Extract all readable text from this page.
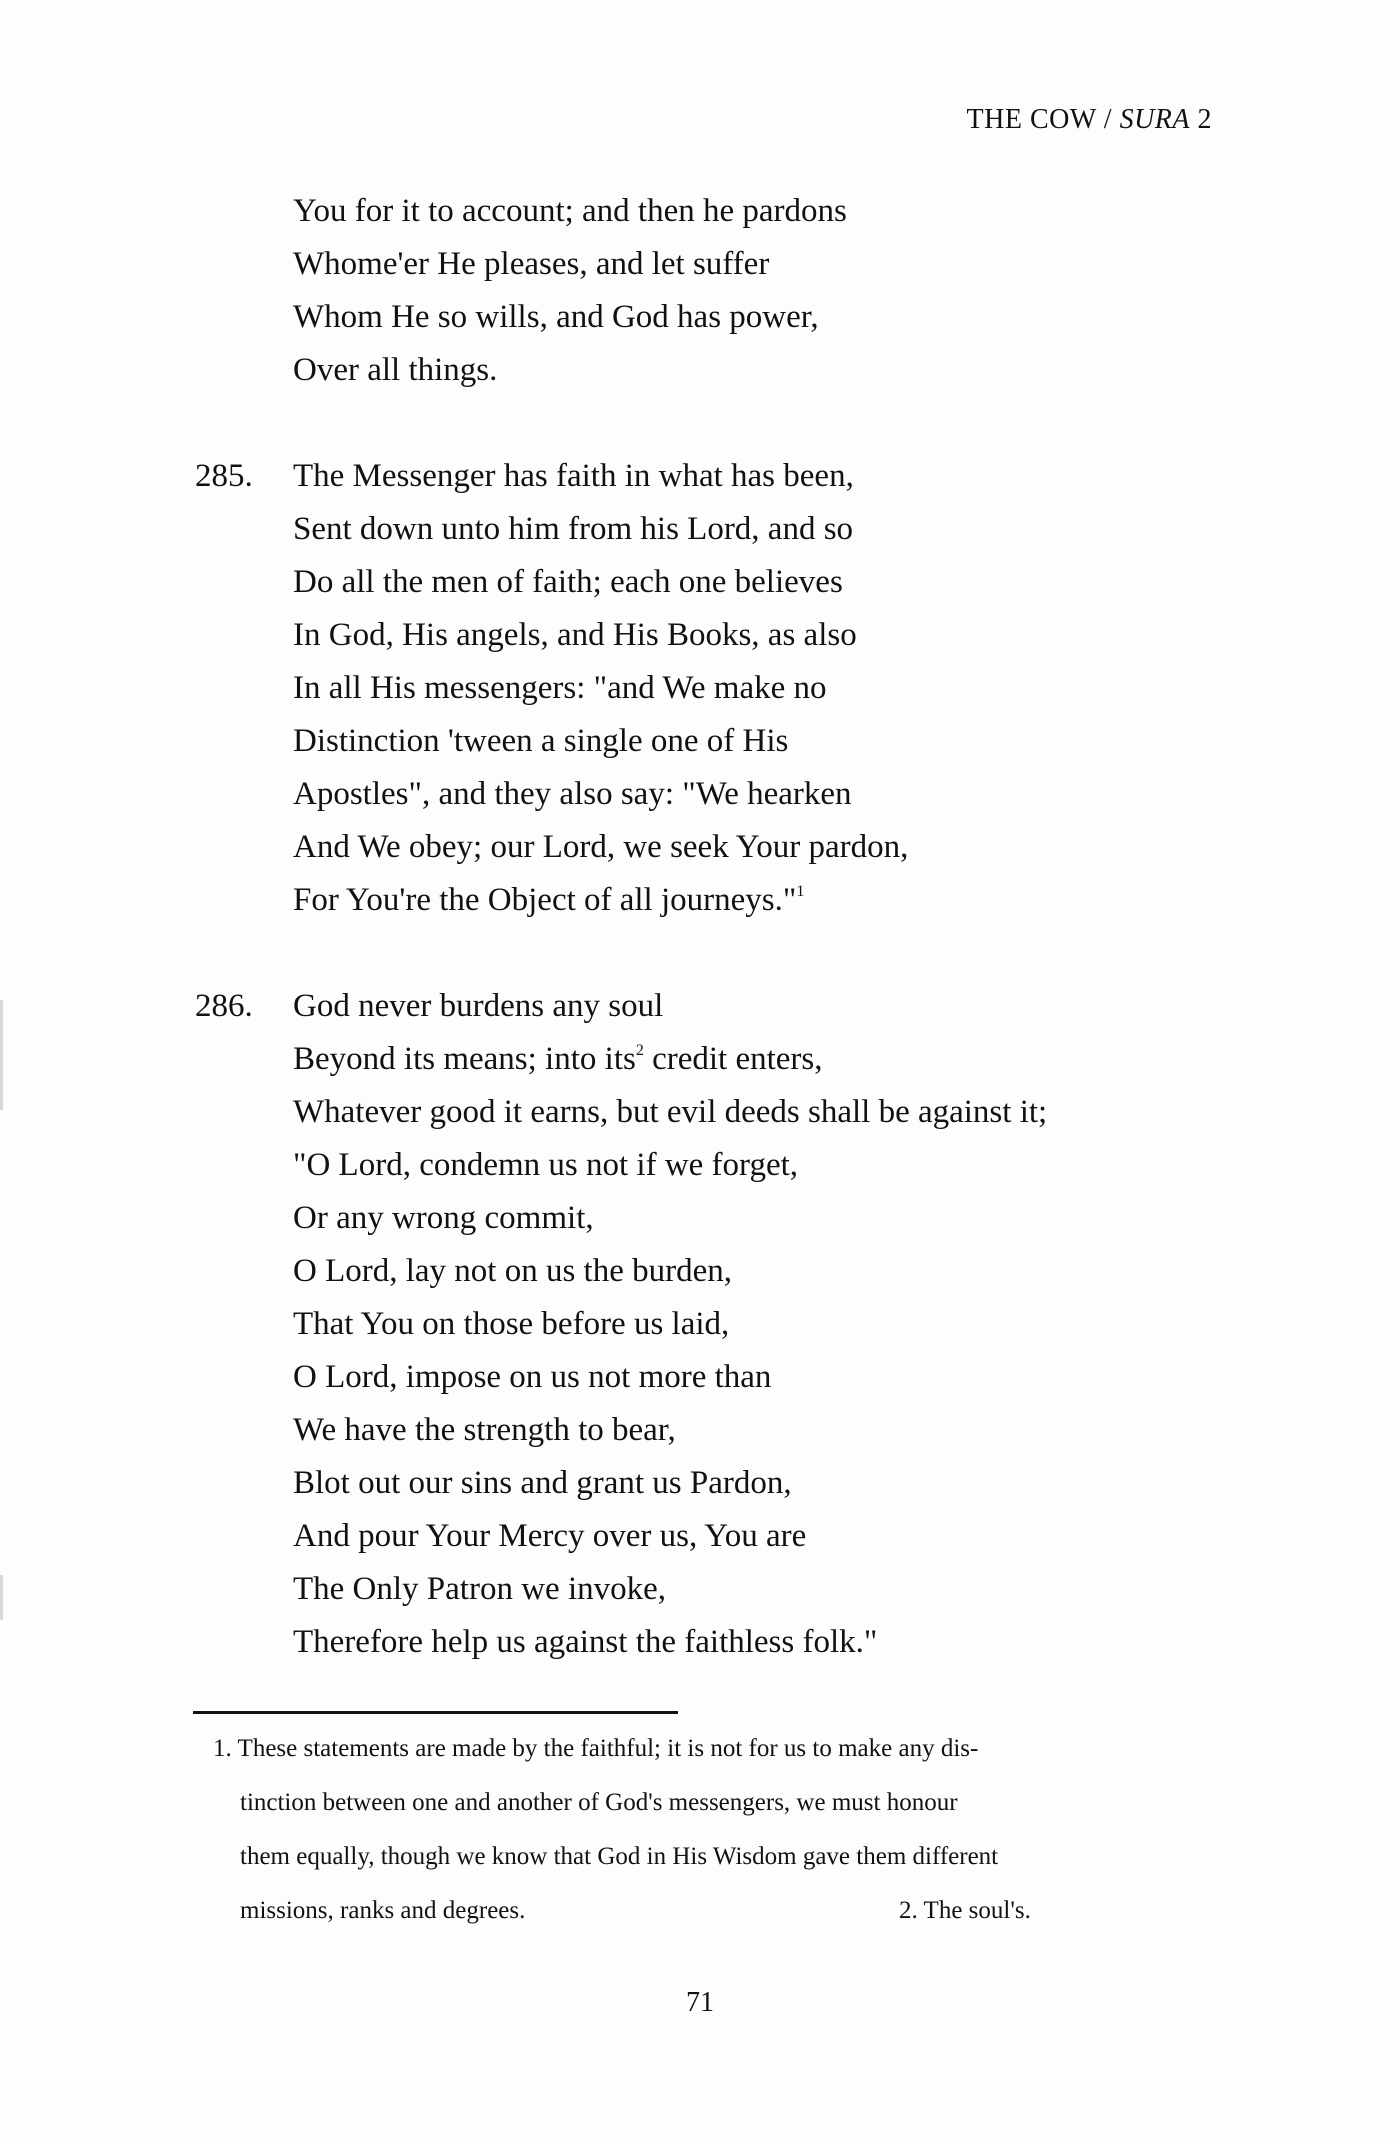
THE COW / SURA 2
You for it to account; and then he pardons
Whome'er He pleases, and let suffer
Whom He so wills, and God has power,
Over all things.
285. The Messenger has faith in what has been,
Sent down unto him from his Lord, and so
Do all the men of faith; each one believes
In God, His angels, and His Books, as also
In all His messengers: "and We make no
Distinction 'tween a single one of His
Apostles", and they also say: "We hearken
And We obey; our Lord, we seek Your pardon,
For You're the Object of all journeys."$^1$
286. God never burdens any soul
Beyond its means; into its$^2$ credit enters,
Whatever good it earns, but evil deeds shall be against it;
"O Lord, condemn us not if we forget,
Or any wrong commit,
O Lord, lay not on us the burden,
That You on those before us laid,
O Lord, impose on us not more than
We have the strength to bear,
Blot out our sins and grant us Pardon,
And pour Your Mercy over us, You are
The Only Patron we invoke,
Therefore help us against the faithless folk."
1. These statements are made by the faithful; it is not for us to make any dis-
tinction between one and another of God's messengers, we must honour
them equally, though we know that God in His Wisdom gave them different
missions, ranks and degrees.	2. The soul's.
71
